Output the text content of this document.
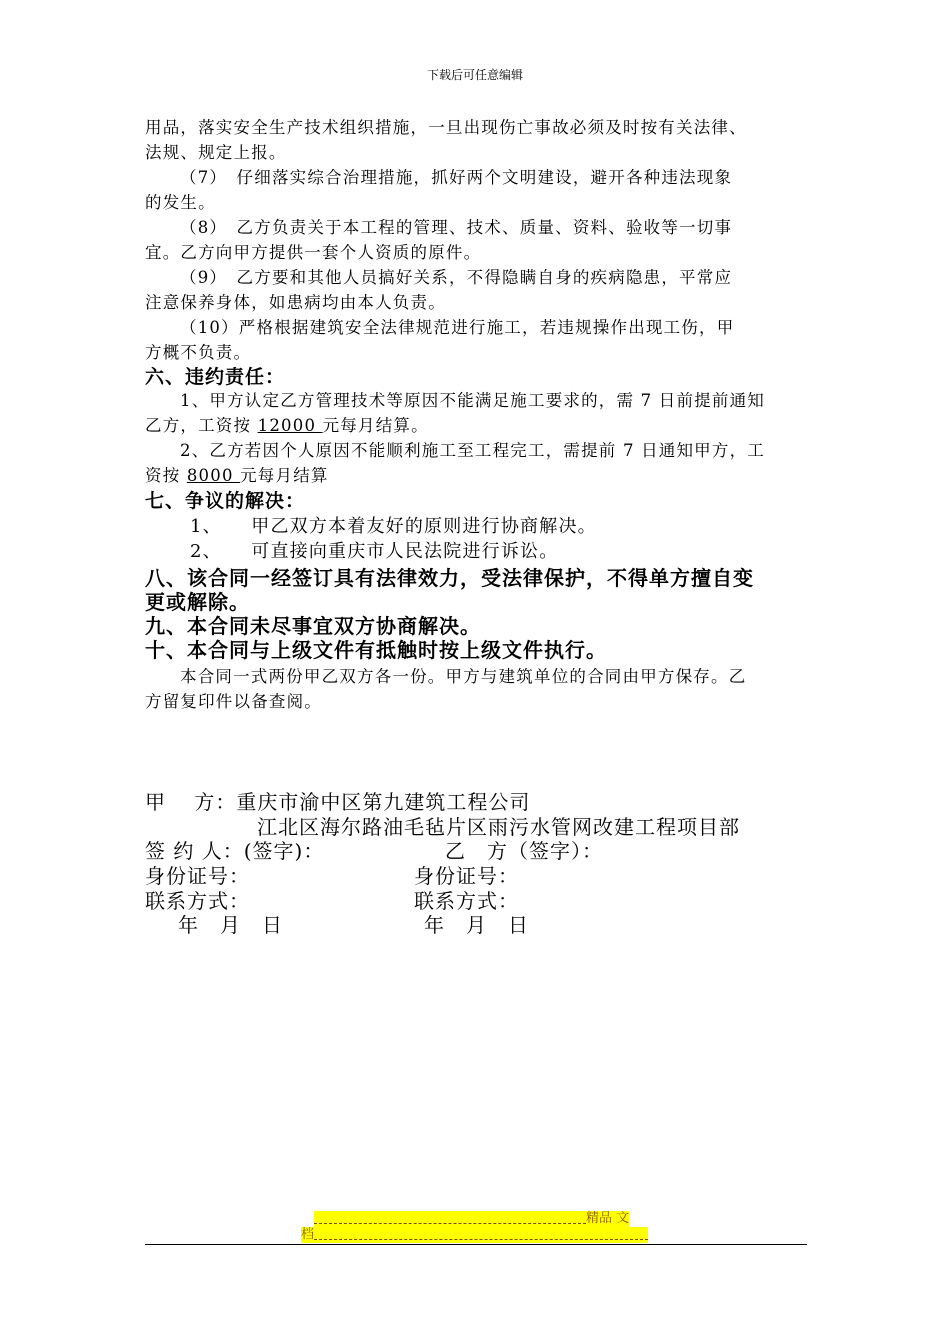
下载后可任意编辑
用品，落实安全生产技术组织措施，一旦出现伤亡事故必须及时按有关法律、
法规、规定上报。
（7）　仔细落实综合治理措施，抓好两个文明建设，避开各种违法现象
的发生。
（8）　乙方负责关于本工程的管理、技术、质量、资料、验收等一切事
宜。乙方向甲方提供一套个人资质的原件。
（9）　乙方要和其他人员搞好关系，不得隐瞒自身的疾病隐患，平常应
注意保养身体，如患病均由本人负责。
（10）严格根据建筑安全法律规范进行施工，若违规操作出现工伤，甲
方概不负责。
六、违约责任：
1、甲方认定乙方管理技术等原因不能满足施工要求的，需 7 日前提前通知
乙方，工资按 12000 元每月结算。
2、乙方若因个人原因不能顺利施工至工程完工，需提前 7 日通知甲方，工
资按 8000 元每月结算
七、争议的解决：
1、　　甲乙双方本着友好的原则进行协商解决。
2、　　可直接向重庆市人民法院进行诉讼。
八、该合同一经签订具有法律效力，受法律保护，不得单方擅自变
更或解除。
九、本合同未尽事宜双方协商解决。
十、本合同与上级文件有抵触时按上级文件执行。
本合同一式两份甲乙双方各一份。甲方与建筑单位的合同由甲方保存。乙
方留复印件以备查阅。
甲　 方：重庆市渝中区第九建筑工程公司
江北区海尔路油毛毡片区雨污水管网改建工程项目部
签 约 人：(签字)：	乙　方（签字）：
身份证号：	身份证号：
联系方式：	联系方式：
年　月　日	年　月　日
精品 文
档
